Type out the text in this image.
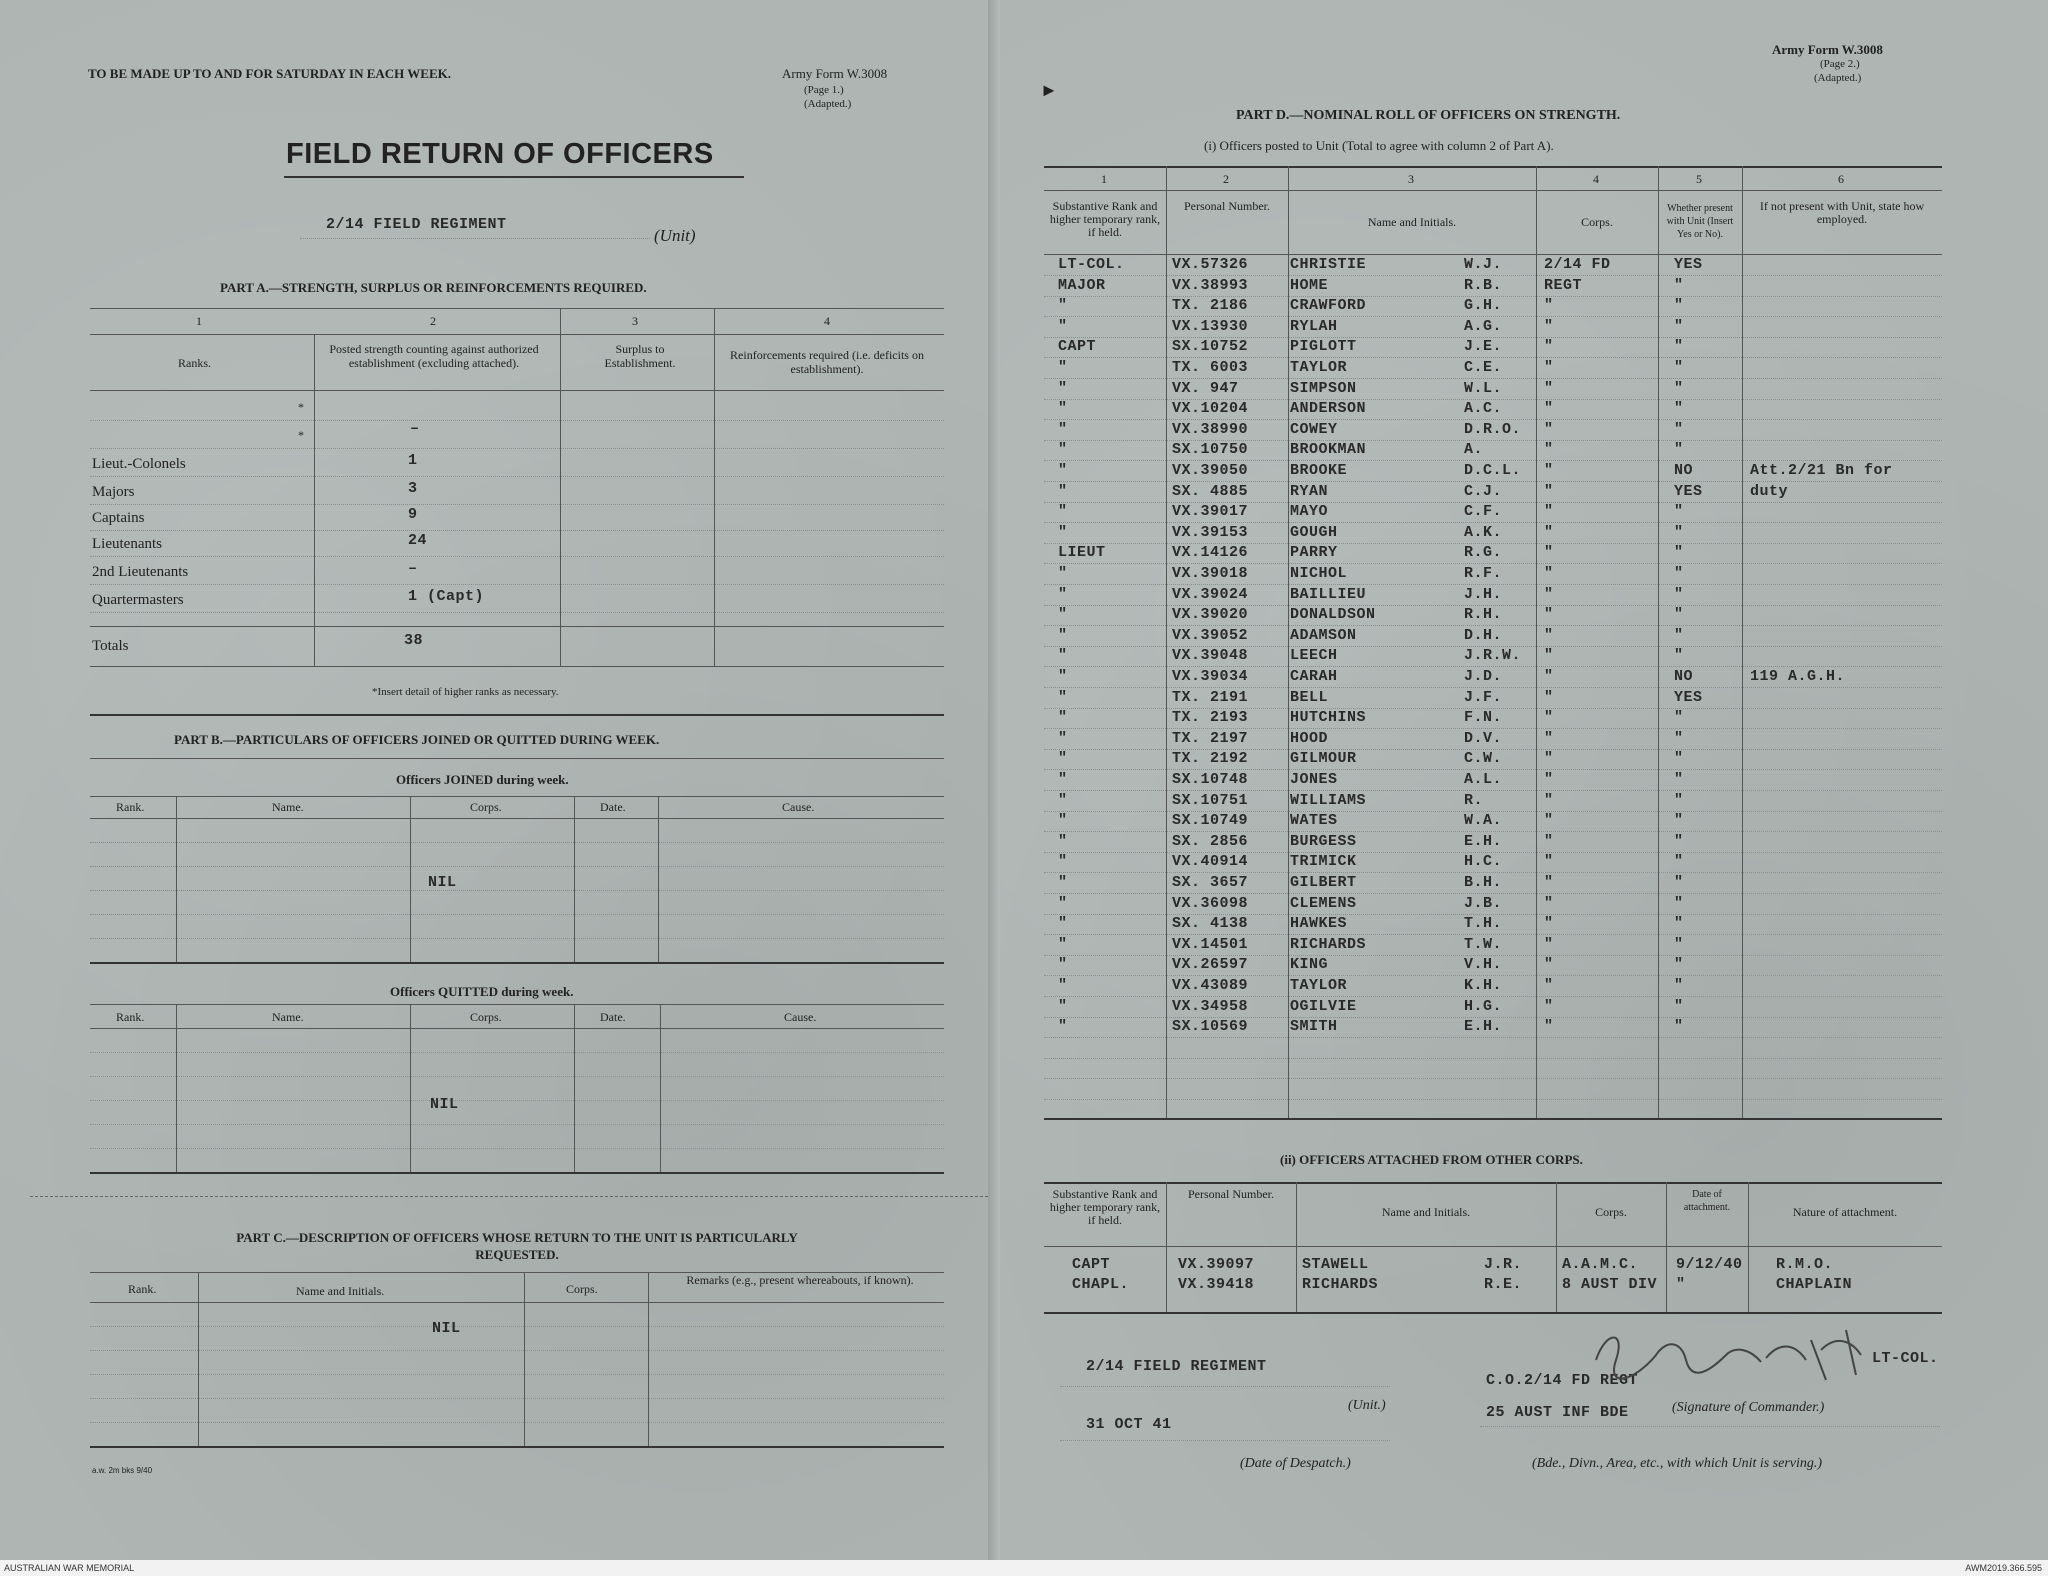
TO BE MADE UP TO AND FOR SATURDAY IN EACH WEEK.	Army Form W.3008
(Page 1.)
(Adapted.)
FIELD RETURN OF OFFICERS
2/14 FIELD REGIMENT
(Unit)
PART A.—STRENGTH, SURPLUS OR REINFORCEMENTS REQUIRED.
1	2	3	4
Ranks.
Posted strength counting against authorized establishment (excluding attached).
Surplus to Establishment.
Reinforcements required (i.e. deficits on establishment).
*
*	–
Lieut.-Colonels	1
Majors	3
Captains	9
Lieutenants	24
2nd Lieutenants	–
Quartermasters	1 (Capt)
Totals	38
*Insert detail of higher ranks as necessary.
PART B.—PARTICULARS OF OFFICERS JOINED OR QUITTED DURING WEEK.
Officers JOINED during week.
Rank.	Name.	Corps.	Date.	Cause.
NIL
Officers QUITTED during week.
Rank.	Name.	Corps.	Date.	Cause.
NIL
PART C.—DESCRIPTION OF OFFICERS WHOSE RETURN TO THE UNIT IS PARTICULARLY
REQUESTED.
Rank.	Name and Initials.	Corps.
Remarks (e.g., present whereabouts, if known).
NIL
a.w. 2m bks 9/40
Army Form W.3008
(Page 2.)
(Adapted.)
►
PART D.—NOMINAL ROLL OF OFFICERS ON STRENGTH.
(i) Officers posted to Unit (Total to agree with column 2 of Part A).
1	2	3	4	5	6
Substantive Rank and higher temporary rank, if held.
Personal Number.
Name and Initials.	Corps.
Whether present with Unit (Insert Yes or No).
If not present with Unit, state how employed.
LT-COL.	VX.57326	CHRISTIE	W.J.	2/14 FD	YES
MAJOR	VX.38993	HOME	R.B.	REGT	"
"	TX. 2186	CRAWFORD	G.H.	"	"
"	VX.13930	RYLAH	A.G.	"	"
CAPT	SX.10752	PIGLOTT	J.E.	"	"
"	TX. 6003	TAYLOR	C.E.	"	"
"	VX. 947	SIMPSON	W.L.	"	"
"	VX.10204	ANDERSON	A.C.	"	"
"	VX.38990	COWEY	D.R.O. "	"
"	SX.10750	BROOKMAN	A.	"	"
"	VX.39050	BROOKE	D.C.L. "	NO	Att.2/21 Bn for
"	SX. 4885	RYAN	C.J.	"	YES	duty
"	VX.39017	MAYO	C.F.	"	"
"	VX.39153	GOUGH	A.K.	"	"
LIEUT	VX.14126	PARRY	R.G.	"	"
"	VX.39018	NICHOL	R.F.	"	"
"	VX.39024	BAILLIEU	J.H.	"	"
"	VX.39020	DONALDSON	R.H.	"	"
"	VX.39052	ADAMSON	D.H.	"	"
"	VX.39048	LEECH	J.R.W. "	"
"	VX.39034	CARAH	J.D.	"	NO	119 A.G.H.
"	TX. 2191	BELL	J.F.	"	YES
"	TX. 2193	HUTCHINS	F.N.	"	"
"	TX. 2197	HOOD	D.V.	"	"
"	TX. 2192	GILMOUR	C.W.	"	"
"	SX.10748	JONES	A.L.	"	"
"	SX.10751	WILLIAMS	R.	"	"
"	SX.10749	WATES	W.A.	"	"
"	SX. 2856	BURGESS	E.H.	"	"
"	VX.40914	TRIMICK	H.C.	"	"
"	SX. 3657	GILBERT	B.H.	"	"
"	VX.36098	CLEMENS	J.B.	"	"
"	SX. 4138	HAWKES	T.H.	"	"
"	VX.14501	RICHARDS	T.W.	"	"
"	VX.26597	KING	V.H.	"	"
"	VX.43089	TAYLOR	K.H.	"	"
"	VX.34958	OGILVIE	H.G.	"	"
"	SX.10569	SMITH	E.H.	"	"
(ii) OFFICERS ATTACHED FROM OTHER CORPS.
Substantive Rank and higher temporary rank, if held.
Personal Number.
Name and Initials.	Corps.
Date of attachment.	Nature of attachment.
CAPT	VX.39097	STAWELL	J.R.	A.A.M.C.	9/12/40 R.M.O.
CHAPL.	VX.39418	RICHARDS	R.E.	8 AUST DIV "	CHAPLAIN
2/14 FIELD REGIMENT
(Unit.)
31 OCT 41
(Date of Despatch.)
C.O.2/14 FD REGT
25 AUST INF BDE
LT-COL.
(Signature of Commander.)
(Bde., Divn., Area, etc., with which Unit is serving.)
AUSTRALIAN WAR MEMORIAL	AWM2019.366.595
